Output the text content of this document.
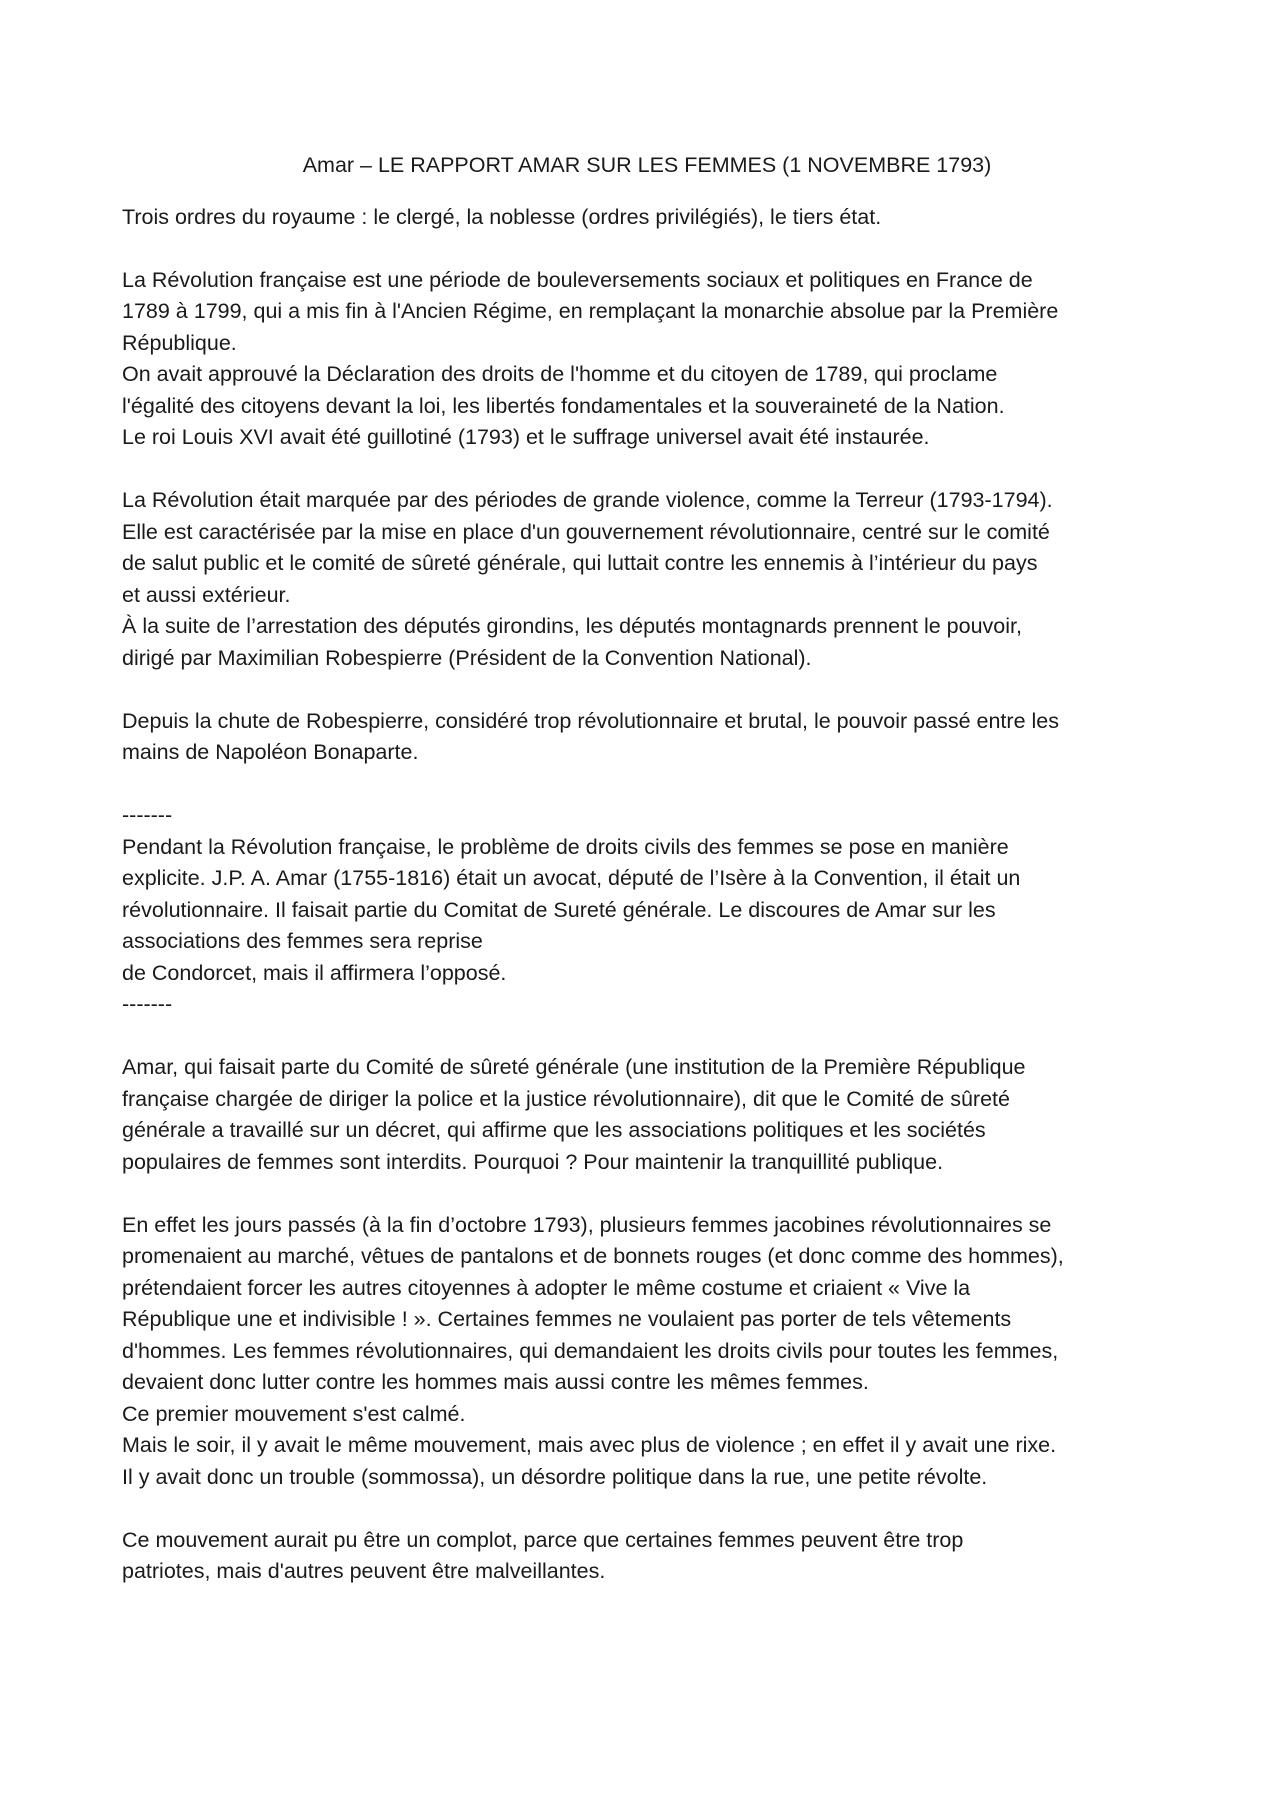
Amar – LE RAPPORT AMAR SUR LES FEMMES (1 NOVEMBRE 1793)
Trois ordres du royaume : le clergé, la noblesse (ordres privilégiés), le tiers état.
La Révolution française est une période de bouleversements sociaux et politiques en France de
1789 à 1799, qui a mis fin à l'Ancien Régime, en remplaçant la monarchie absolue par la Première
République.
On avait approuvé la Déclaration des droits de l'homme et du citoyen de 1789, qui proclame
l'égalité des citoyens devant la loi, les libertés fondamentales et la souveraineté de la Nation.
Le roi Louis XVI avait été guillotiné (1793) et le suffrage universel avait été instaurée.
La Révolution était marquée par des périodes de grande violence, comme la Terreur (1793-1794).
Elle est caractérisée par la mise en place d'un gouvernement révolutionnaire, centré sur le comité
de salut public et le comité de sûreté générale, qui luttait contre les ennemis à l’intérieur du pays
et aussi extérieur.
À la suite de l’arrestation des députés girondins, les députés montagnards prennent le pouvoir,
dirigé par Maximilian Robespierre (Président de la Convention National).
Depuis la chute de Robespierre, considéré trop révolutionnaire et brutal, le pouvoir passé entre les
mains de Napoléon Bonaparte.
-------
Pendant la Révolution française, le problème de droits civils des femmes se pose en manière
explicite. J.P. A. Amar (1755-1816) était un avocat, député de l’Isère à la Convention, il était un
révolutionnaire. Il faisait partie du Comitat de Sureté générale. Le discoures de Amar sur les
associations des femmes sera reprise
de Condorcet, mais il affirmera l’opposé.
-------
Amar, qui faisait parte du Comité de sûreté générale (une institution de la Première République
française chargée de diriger la police et la justice révolutionnaire), dit que le Comité de sûreté
générale a travaillé sur un décret, qui affirme que les associations politiques et les sociétés
populaires de femmes sont interdits. Pourquoi ? Pour maintenir la tranquillité publique.
En effet les jours passés (à la fin d’octobre 1793), plusieurs femmes jacobines révolutionnaires se
promenaient au marché, vêtues de pantalons et de bonnets rouges (et donc comme des hommes),
prétendaient forcer les autres citoyennes à adopter le même costume et criaient « Vive la
République une et indivisible ! ». Certaines femmes ne voulaient pas porter de tels vêtements
d'hommes. Les femmes révolutionnaires, qui demandaient les droits civils pour toutes les femmes,
devaient donc lutter contre les hommes mais aussi contre les mêmes femmes.
Ce premier mouvement s'est calmé.
Mais le soir, il y avait le même mouvement, mais avec plus de violence ; en effet il y avait une rixe.
Il y avait donc un trouble (sommossa), un désordre politique dans la rue, une petite révolte.
Ce mouvement aurait pu être un complot, parce que certaines femmes peuvent être trop
patriotes, mais d'autres peuvent être malveillantes.
